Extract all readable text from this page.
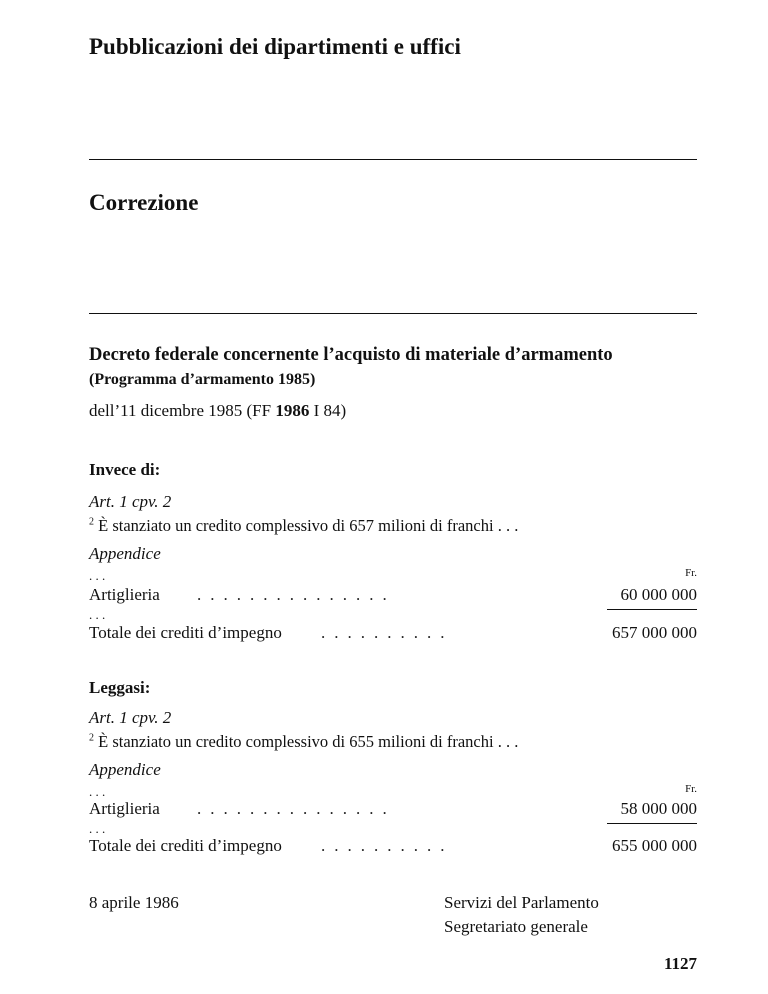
Pubblicazioni dei dipartimenti e uffici
Correzione
Decreto federale concernente l’acquisto di materiale d’armamento
(Programma d’armamento 1985)
dell’11 dicembre 1985 (FF 1986 I 84)
Invece di:
Art. 1 cpv. 2
$^2$ È stanziato un credito complessivo di 657 milioni di franchi . . .
Appendice
. . .	Fr.
Artiglieria ...............	60 000 000
. . .
Totale dei crediti d’impegno ..........	657 000 000
Leggasi:
Art. 1 cpv. 2
$^2$ È stanziato un credito complessivo di 655 milioni di franchi . . .
Appendice
. . .	Fr.
Artiglieria ...............	58 000 000
. . .
Totale dei crediti d’impegno ..........	655 000 000
8 aprile 1986	Servizi del Parlamento
Segretariato generale
1127
